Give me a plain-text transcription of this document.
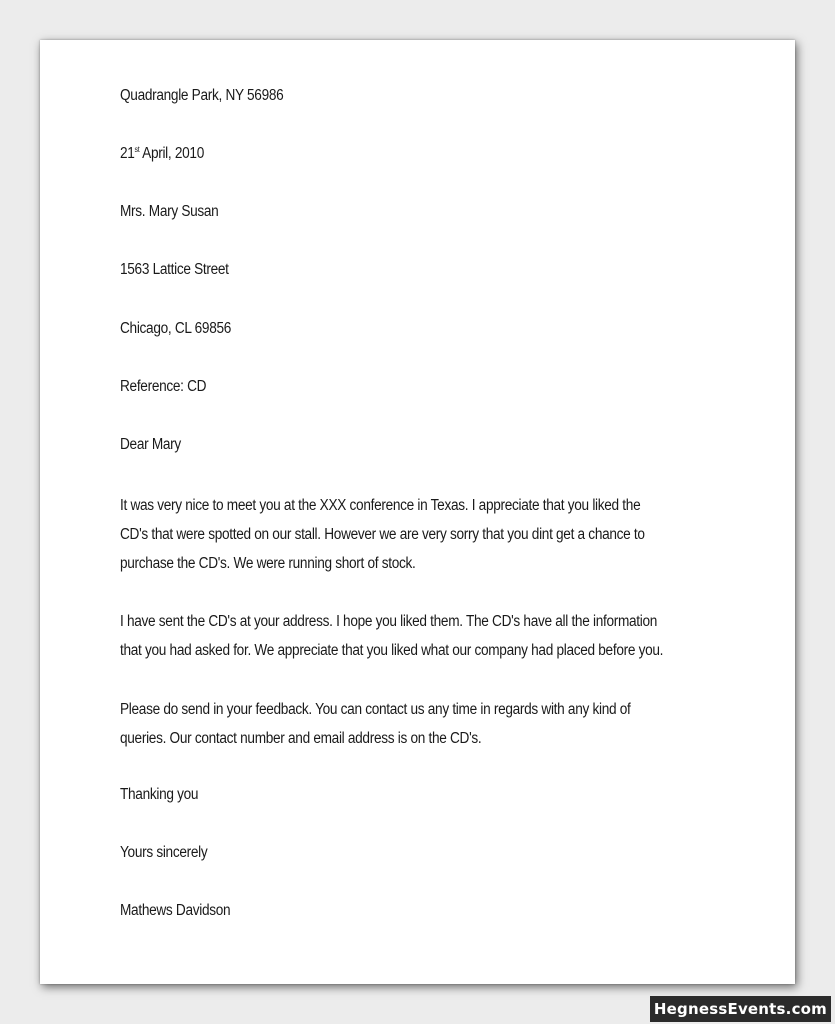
Quadrangle Park, NY 56986

21st April, 2010

Mrs. Mary Susan

1563 Lattice Street

Chicago, CL 69856

Reference: CD

Dear Mary

It was very nice to meet you at the XXX conference in Texas. I appreciate that you liked the
CD's that were spotted on our stall. However we are very sorry that you dint get a chance to
purchase the CD's. We were running short of stock.
I have sent the CD's at your address. I hope you liked them. The CD's have all the information
that you had asked for. We appreciate that you liked what our company had placed before you.
Please do send in your feedback. You can contact us any time in regards with any kind of
queries. Our contact number and email address is on the CD's.

Thanking you

Yours sincerely

Mathews Davidson

HegnessEvents.com
